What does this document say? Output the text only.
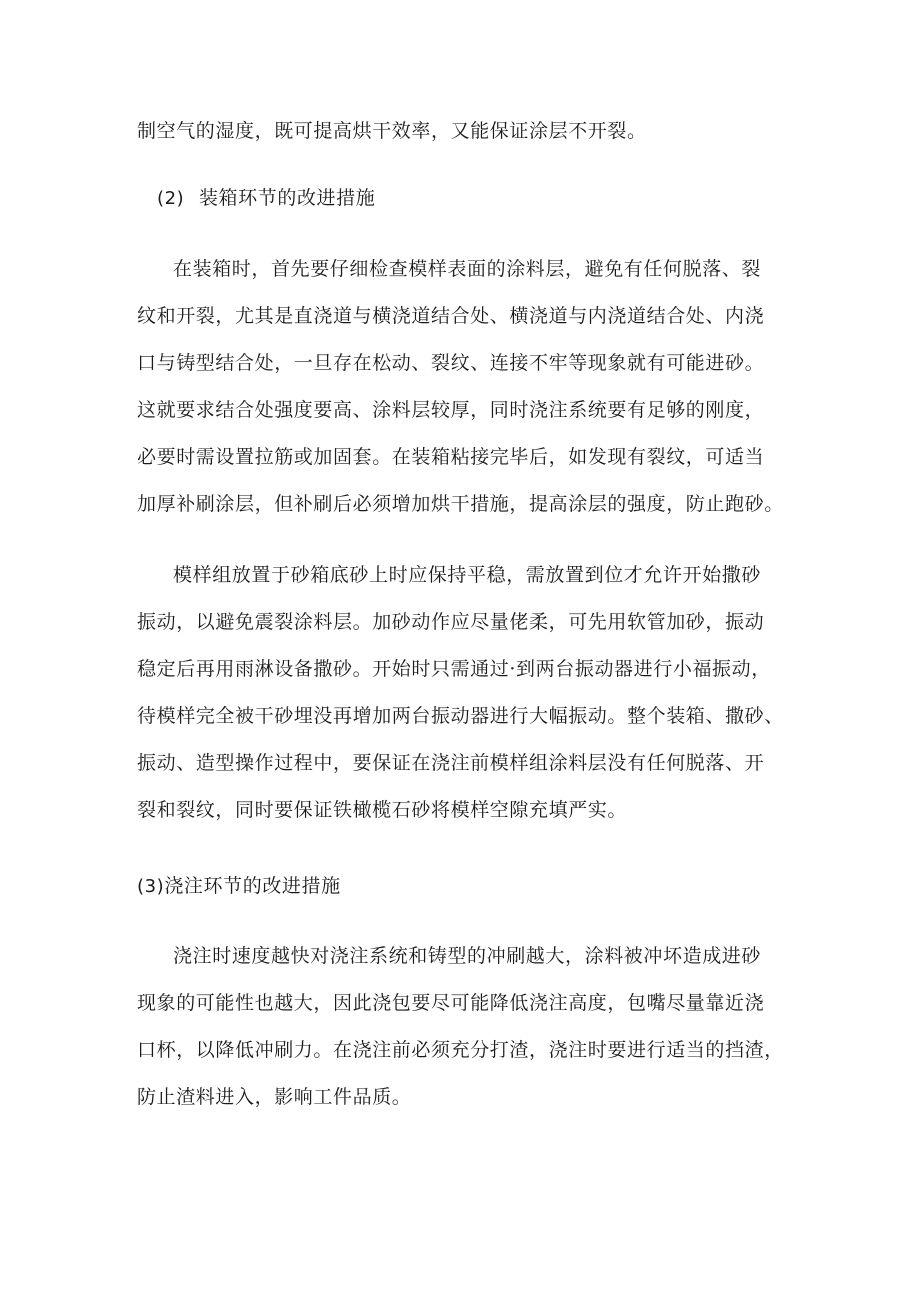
制空气的湿度，既可提高烘干效率，又能保证涂层不开裂。
(2) 装箱环节的改进措施
在装箱时，首先要仔细检查模样表面的涂料层，避免有任何脱落、裂
纹和开裂，尤其是直浇道与横浇道结合处、横浇道与内浇道结合处、内浇
口与铸型结合处，一旦存在松动、裂纹、连接不牢等现象就有可能进砂。
这就要求结合处强度要高、涂料层较厚，同时浇注系统要有足够的刚度，
必要时需设置拉筋或加固套。在装箱粘接完毕后，如发现有裂纹，可适当
加厚补刷涂层，但补刷后必须增加烘干措施，提高涂层的强度，防止跑砂。
模样组放置于砂箱底砂上时应保持平稳，需放置到位才允许开始撒砂
振动，以避免震裂涂料层。加砂动作应尽量佬柔，可先用软管加砂，振动
稳定后再用雨淋设备撒砂。开始时只需通过·到两台振动器进行小福振动，
待模样完全被干砂埋没再增加两台振动器进行大幅振动。整个装箱、撒砂、
振动、造型操作过程中，要保证在浇注前模样组涂料层没有任何脱落、开
裂和裂纹，同时要保证铁橄榄石砂将模样空隙充填严实。
(3)浇注环节的改进措施
浇注时速度越快对浇注系统和铸型的冲刷越大，涂料被冲坏造成进砂
现象的可能性也越大，因此浇包要尽可能降低浇注高度，包嘴尽量靠近浇
口杯，以降低冲刷力。在浇注前必须充分打渣，浇注时要进行适当的挡渣，
防止渣料进入，影响工件品质。
